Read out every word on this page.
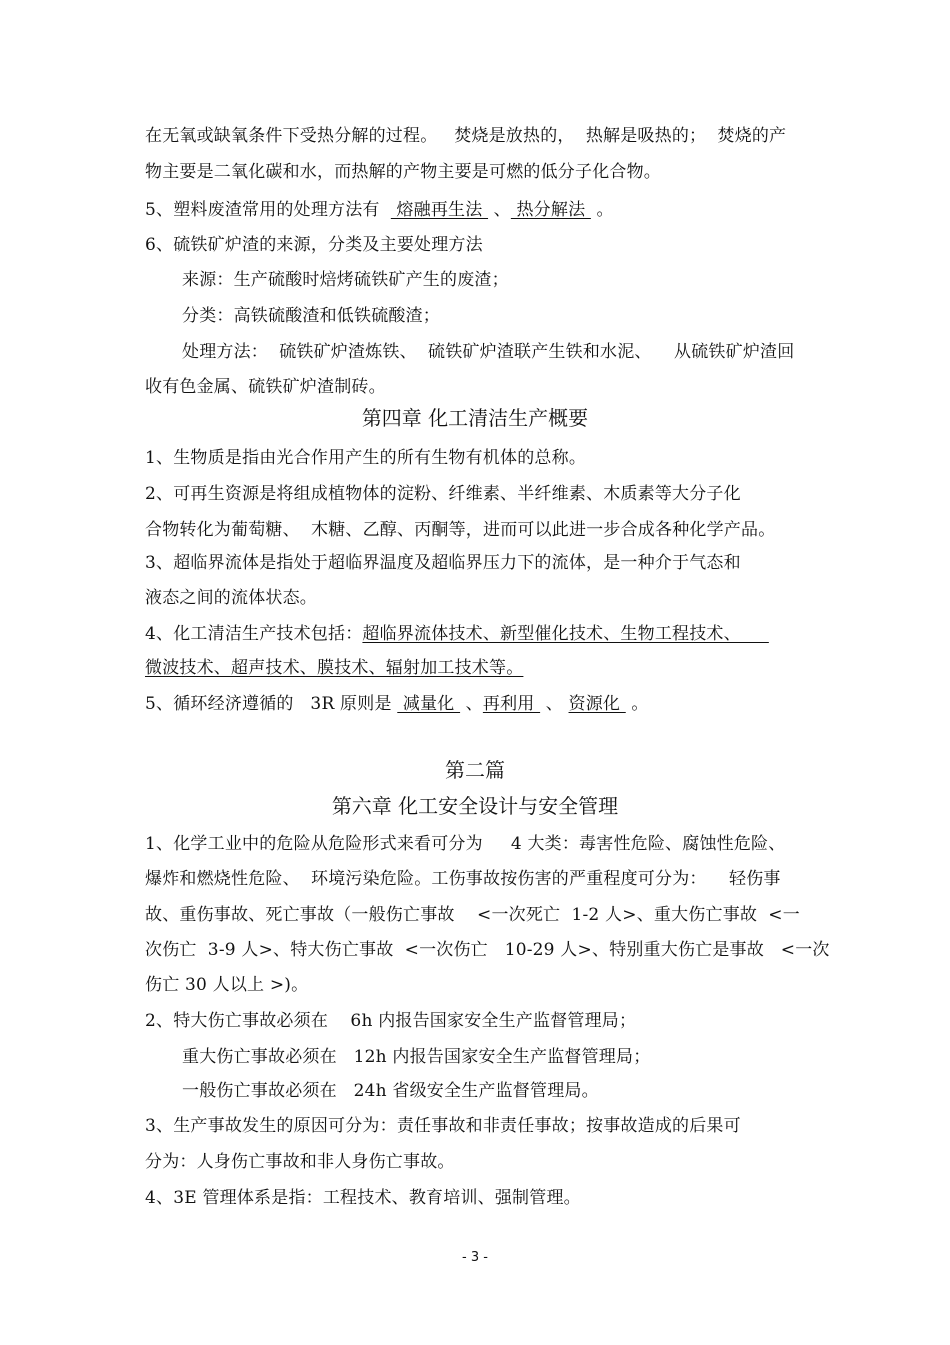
在无氧或缺氧条件下受热分解的过程。   焚烧是放热的，  热解是吸热的；  焚烧的产
物主要是二氧化碳和水，而热解的产物主要是可燃的低分子化合物。
5、塑料废渣常用的处理方法有   熔融再生法  、 热分解法  。
6、硫铁矿炉渣的来源，分类及主要处理方法
来源：生产硫酸时焙烤硫铁矿产生的废渣；
分类：高铁硫酸渣和低铁硫酸渣；
处理方法：  硫铁矿炉渣炼铁、  硫铁矿炉渣联产生铁和水泥、    从硫铁矿炉渣回
收有色金属、硫铁矿炉渣制砖。
第四章 化工清洁生产概要
1、生物质是指由光合作用产生的所有生物有机体的总称。
2、可再生资源是将组成植物体的淀粉、纤维素、半纤维素、木质素等大分子化
合物转化为葡萄糖、  木糖、乙醇、丙酮等，进而可以此进一步合成各种化学产品。
3、超临界流体是指处于超临界温度及超临界压力下的流体，是一种介于气态和
液态之间的流体状态。
4、化工清洁生产技术包括：超临界流体技术、新型催化技术、生物工程技术、
微波技术、超声技术、膜技术、辐射加工技术等。
5、循环经济遵循的   3R 原则是  减量化  、再利用  、 资源化  。
第二篇
第六章 化工安全设计与安全管理
1、化学工业中的危险从危险形式来看可分为     4 大类：毒害性危险、腐蚀性危险、
爆炸和燃烧性危险、  环境污染危险。工伤事故按伤害的严重程度可分为：    轻伤事
故、重伤事故、死亡事故（一般伤亡事故    <一次死亡  1-2 人>、重大伤亡事故  <一
次伤亡  3-9 人>、特大伤亡事故  <一次伤亡   10-29 人>、特别重大伤亡是事故   <一次
伤亡 30 人以上 >)。
2、特大伤亡事故必须在    6h 内报告国家安全生产监督管理局；
重大伤亡事故必须在   12h 内报告国家安全生产监督管理局；
一般伤亡事故必须在   24h 省级安全生产监督管理局。
3、生产事故发生的原因可分为：责任事故和非责任事故；按事故造成的后果可
分为：人身伤亡事故和非人身伤亡事故。
4、3E 管理体系是指：工程技术、教育培训、强制管理。
- 3 -
